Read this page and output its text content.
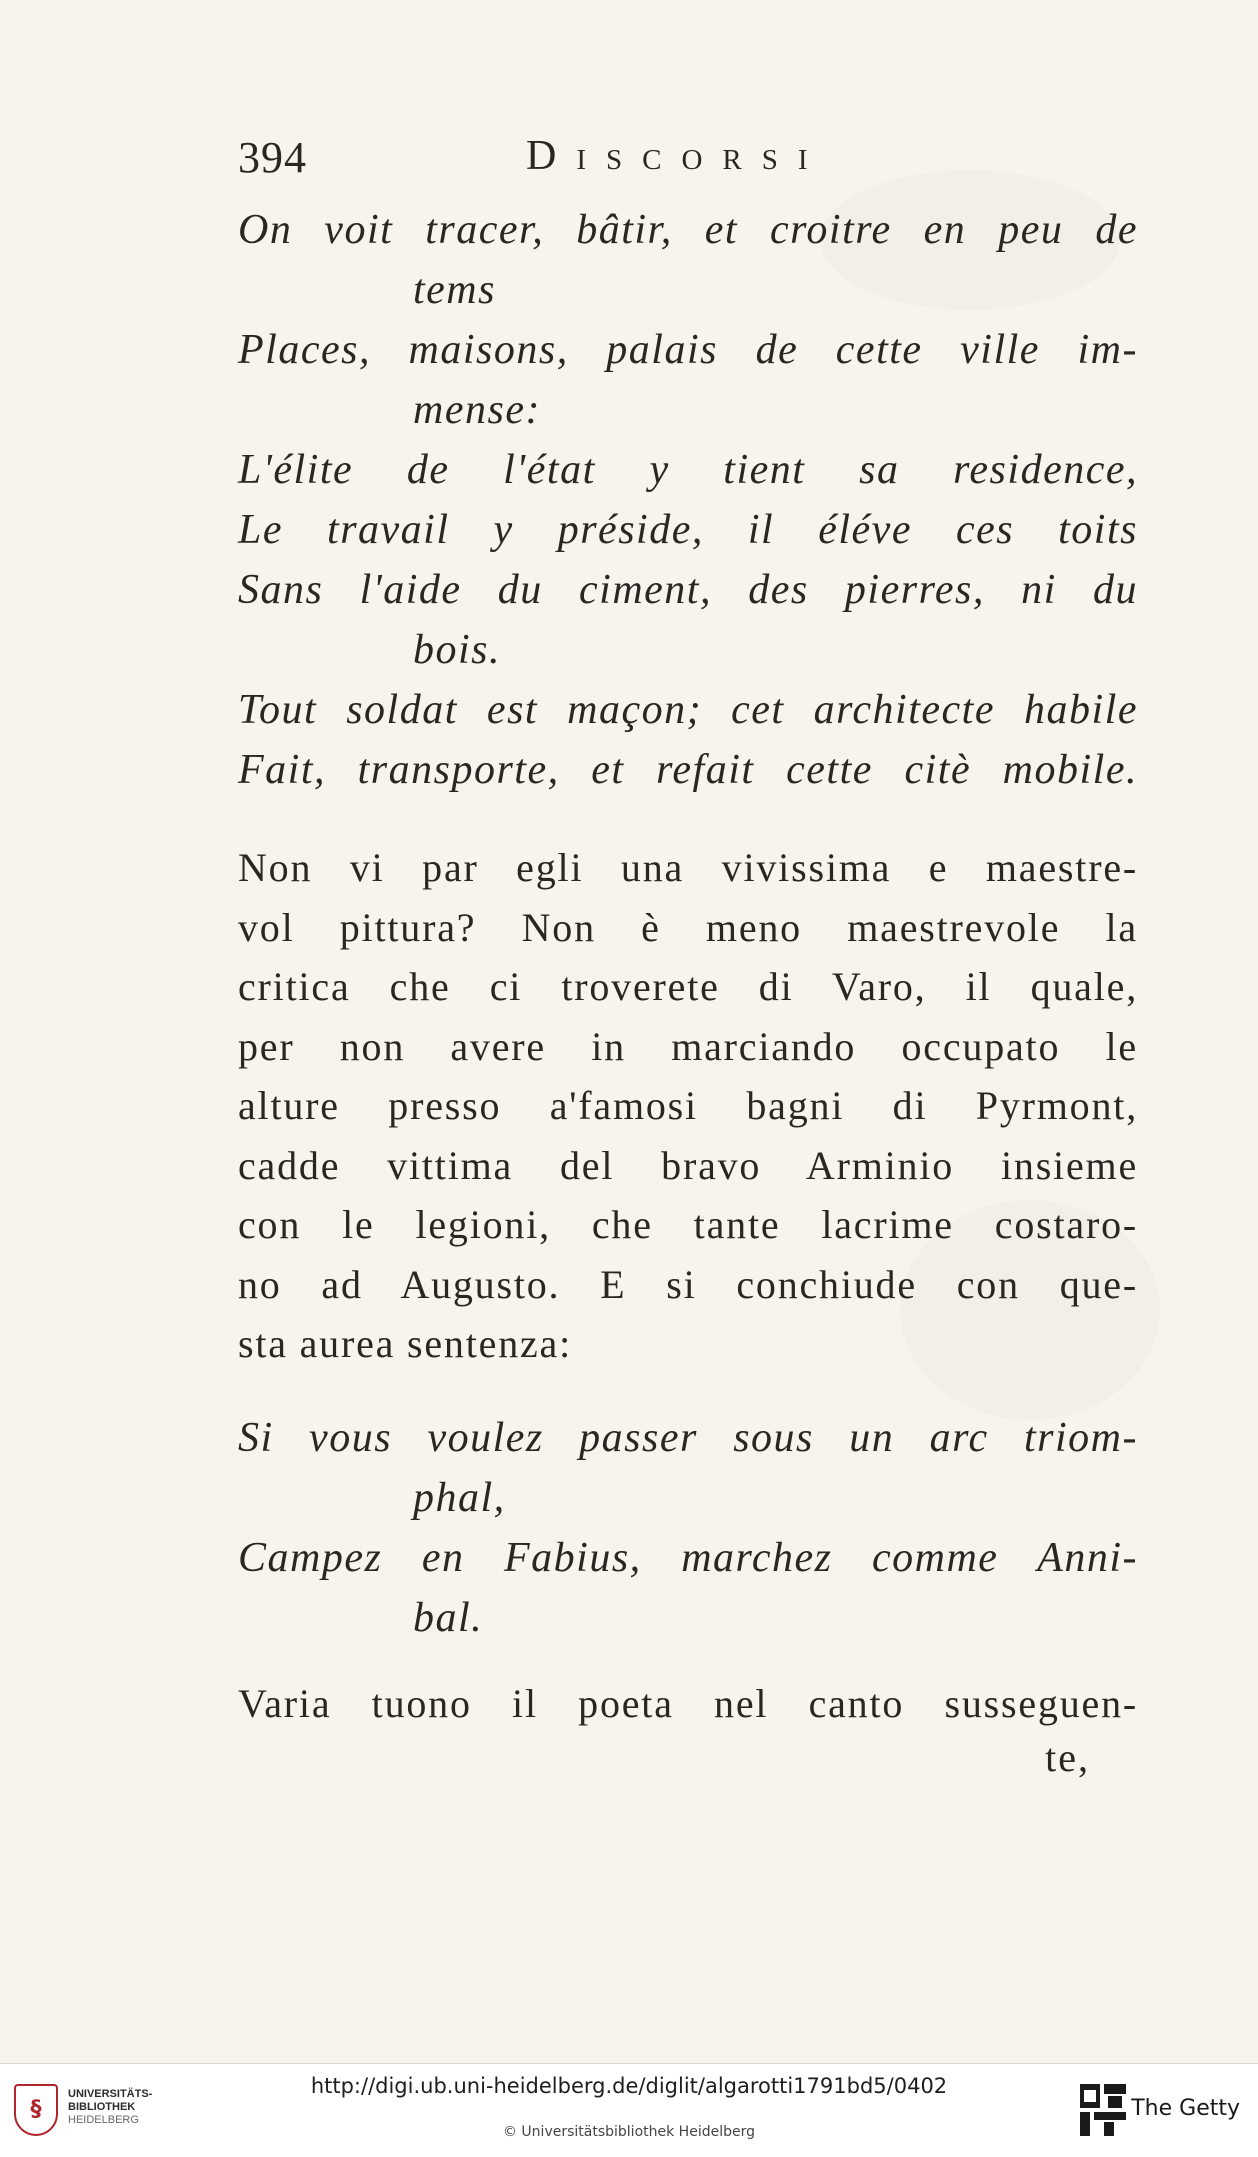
394	Discorsi
On voit tracer, bâtir, et croitre en peu de
tems
Places, maisons, palais de cette ville im-
mense:
L'élite de l'état y tient sa residence,
Le travail y préside, il éléve ces toits
Sans l'aide du ciment, des pierres, ni du
bois.
Tout soldat est maçon; cet architecte habile
Fait, transporte, et refait cette citè mobile.
Non vi par egli una vivissima e maestre-
vol pittura? Non è meno maestrevole la
critica che ci troverete di Varo, il quale,
per non avere in marciando occupato le
alture presso a'famosi bagni di Pyrmont,
cadde vittima del bravo Arminio insieme
con le legioni, che tante lacrime costaro-
no ad Augusto. E si conchiude con que-
sta aurea sentenza:
Si vous voulez passer sous un arc triom-
phal,
Campez en Fabius, marchez comme Anni-
bal.
Varia tuono il poeta nel canto susseguen-
te,
§
UNIVERSITÄTS-
BIBLIOTHEK
HEIDELBERG
http://digi.ub.uni-heidelberg.de/diglit/algarotti1791bd5/0402
© Universitätsbibliothek Heidelberg
The Getty
